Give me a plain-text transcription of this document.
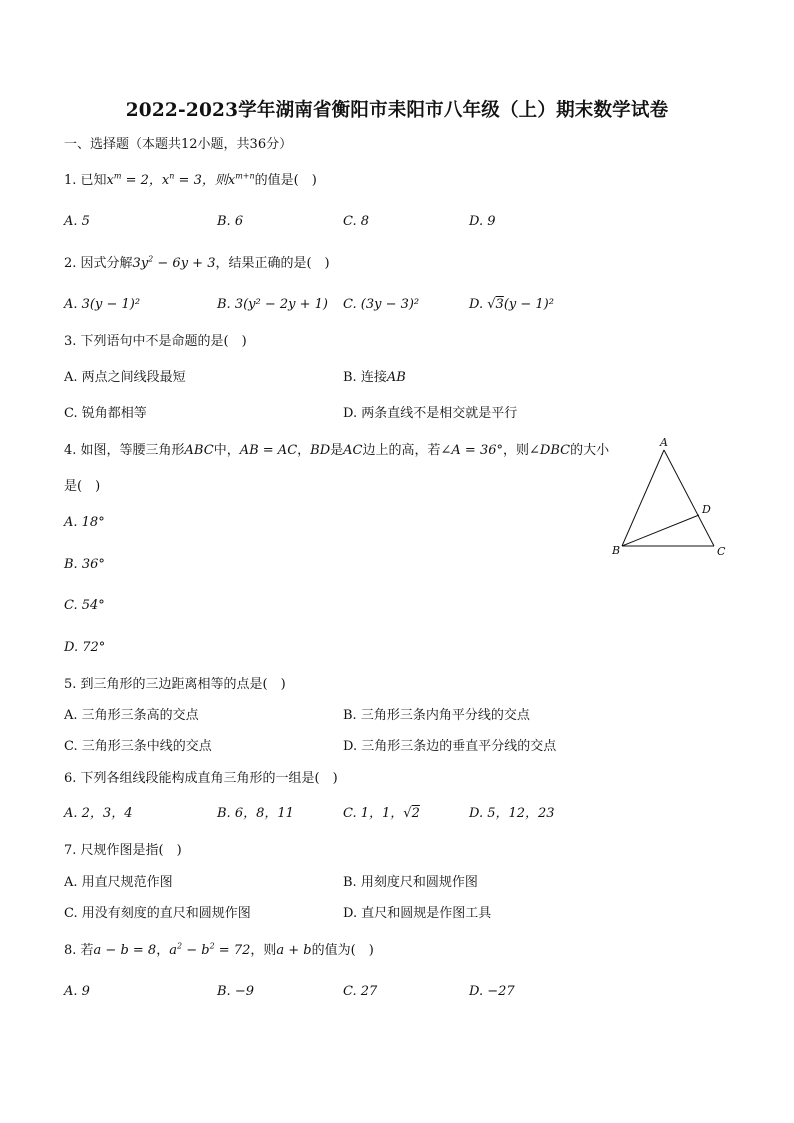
2022-2023学年湖南省衡阳市耒阳市八年级（上）期末数学试卷
一、选择题（本题共12小题，共36分）
1. 已知$x^m = 2$，$x^n = 3$，则$x^{m+n}$的值是(　)
A. 5	B. 6	C. 8	D. 9
2. 因式分解$3y^2 - 6y + 3$，结果正确的是(　)
A. 3(y − 1)²	B. 3(y² − 2y + 1) C. (3y − 3)²	D. √3(y − 1)²
3. 下列语句中不是命题的是(　)
A. 两点之间线段最短	B. 连接AB
C. 锐角都相等	D. 两条直线不是相交就是平行
4. 如图，等腰三角形ABC中，AB = AC，BD是AC边上的高，若∠A = 36°，则∠DBC的大小
是(　)
A. 18°
B. 36°
C. 54°
D. 72°
A
B	C
D
5. 到三角形的三边距离相等的点是(　)
A. 三角形三条高的交点	B. 三角形三条内角平分线的交点
C. 三角形三条中线的交点	D. 三角形三条边的垂直平分线的交点
6. 下列各组线段能构成直角三角形的一组是(　)
A. 2，3，4	B. 6，8，11	C. 1，1，√2	D. 5，12，23
7. 尺规作图是指(　)
A. 用直尺规范作图	B. 用刻度尺和圆规作图
C. 用没有刻度的直尺和圆规作图	D. 直尺和圆规是作图工具
8. 若a − b = 8，$a^2 - b^2 = 72$，则a + b的值为(　)
A. 9	B. −9	C. 27	D. −27
